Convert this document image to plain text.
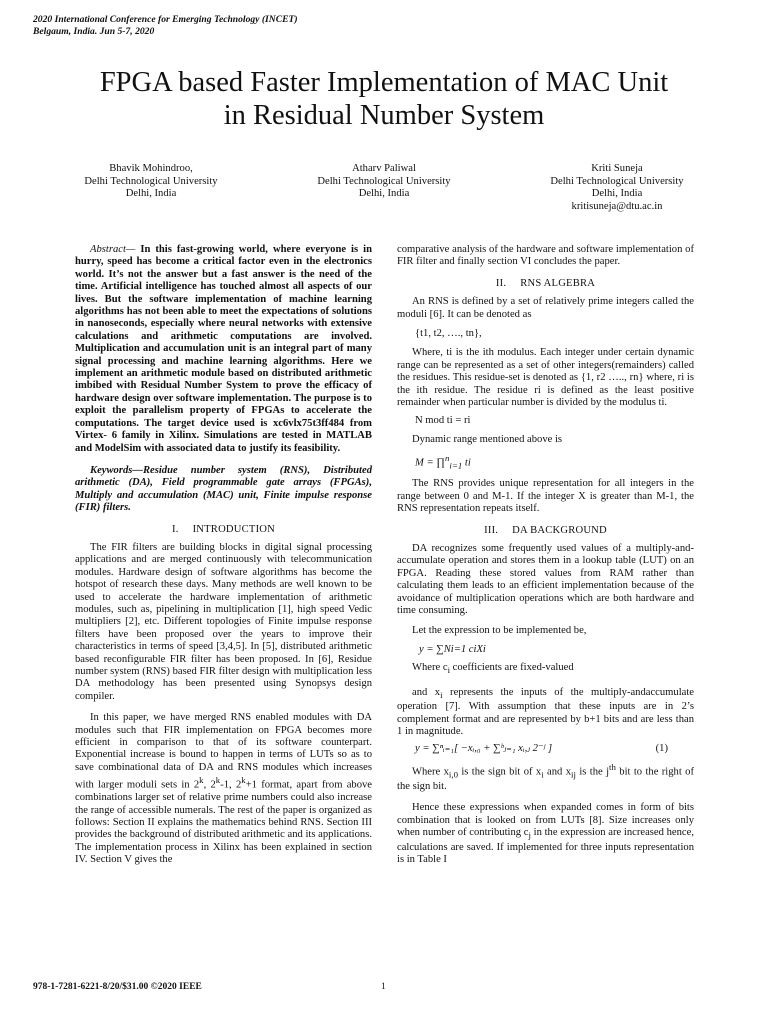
2020 International Conference for Emerging Technology (INCET)
Belgaum, India. Jun 5-7, 2020
FPGA based Faster Implementation of MAC Unit
in Residual Number System
Bhavik Mohindroo,
Delhi Technological University
Delhi, India
Atharv Paliwal
Delhi Technological University
Delhi, India
Kriti Suneja
Delhi Technological University
Delhi, India
kritisuneja@dtu.ac.in

Abstract— In this fast-growing world, where everyone is in hurry, speed has become a critical factor even in the electronics world. It’s not the answer but a fast answer is the need of the time. Artificial intelligence has touched almost all aspects of our lives. But the software implementation of machine learning algorithms has not been able to meet the expectations of solutions in nanoseconds, especially where neural networks with extensive calculations and arithmetic computations are involved. Multiplication and accumulation unit is an integral part of many signal processing and machine learning algorithms. Here we implement an arithmetic module based on distributed arithmetic imbibed with Residual Number System to prove the efficacy of hardware design over software implementation. The purpose is to exploit the parallelism property of FPGAs to accelerate the computations. The target device used is xc6vlx75t3ff484 from Virtex- 6 family in Xilinx. Simulations are tested in MATLAB and ModelSim with associated data to justify its feasibility.

Keywords—Residue number system (RNS), Distributed arithmetic (DA), Field programmable gate arrays (FPGAs), Multiply and accumulation (MAC) unit, Finite impulse response (FIR) filters.

I. INTRODUCTION

The FIR filters are building blocks in digital signal processing applications and are merged continuously with telecommunication modules. Hardware design of software algorithms has become the hotspot of research these days. Many methods are well known to be used to accelerate the hardware implementation of arithmetic modules, such as, pipelining in multiplication [1], high speed Vedic multipliers [2], etc. Different topologies of Finite impulse response filters have been proposed over the years to improve their characteristics in terms of speed [3,4,5]. In [5], distributed arithmetic based reconfigurable FIR filter has been proposed. In [6], Residue number system (RNS) based FIR filter design with multiplication less DA methodology has been presented using Synopsys design compiler.

In this paper, we have merged RNS enabled modules with DA modules such that FIR implementation on FPGA becomes more efficient in comparison to that of its software counterpart. Exponential increase is bound to happen in terms of LUTs so as to save combinational data of DA and RNS modules which increases with larger moduli sets in 2$^k$, 2$^k$-1, $2^k+1$ format, apart from above combinations larger set of relative prime numbers could also increase the range of accessible numerals. The rest of the paper is organized as follows: Section II explains the mathematics behind RNS. Section III provides the background of distributed arithmetic and its applications. The implementation process in Xilinx has been explained in section IV. Section V gives the

comparative analysis of the hardware and software implementation of FIR filter and finally section VI concludes the paper.

II. RNS ALGEBRA

An RNS is defined by a set of relatively prime integers called the moduli [6]. It can be denoted as

{t1, t2, …., tn},

Where, ti is the ith modulus. Each integer under certain dynamic range can be represented as a set of other integers(remainders) called the residues. This residue-set is denoted as {1, r2 ….., rn} where, ri is the ith residue. The residue ri is defined as the least positive remainder when particular number is divided by the modulus ti.

N mod ti = ri

Dynamic range mentioned above is

M = ∏$^n_{i=1}$ ti

The RNS provides unique representation for all integers in the range between 0 and M-1. If the integer X is greater than M-1, the RNS representation repeats itself.

III. DA BACKGROUND

DA recognizes some frequently used values of a multiply-and-accumulate operation and stores them in a lookup table (LUT) on an FPGA. Reading these stored values from RAM rather than calculating them leads to an efficient implementation because of the avoidance of multiplication operations which are both hardware and time consuming.

Let the expression to be implemented be,

y = ∑Ni=1 ciXi

Where $c_i$ coefficients are fixed-valued

and $x_i$ represents the inputs of the multiply-andaccumulate operation [7]. With assumption that these inputs are in 2’s complement format and are represented by b+1 bits and are less than 1 in magnitude.

y = ∑ⁿᵢ₌₁[ −xᵢ,₀ + ∑ᵇⱼ₌₁ xᵢ,ⱼ 2⁻ʲ ]	(1)

Where $x_{i,0}$ is the sign bit of $x_i$ and $x_{ij}$ is the $j^{th}$ bit to the right of the sign bit.

Hence these expressions when expanded comes in form of bits combination that is looked on from LUTs [8]. Size increases only when number of contributing $c_j$ in the expression are increased hence, calculations are saved. If implemented for three inputs representation is in Table I

978-1-7281-6221-8/20/$31.00 ©2020 IEEE	1
